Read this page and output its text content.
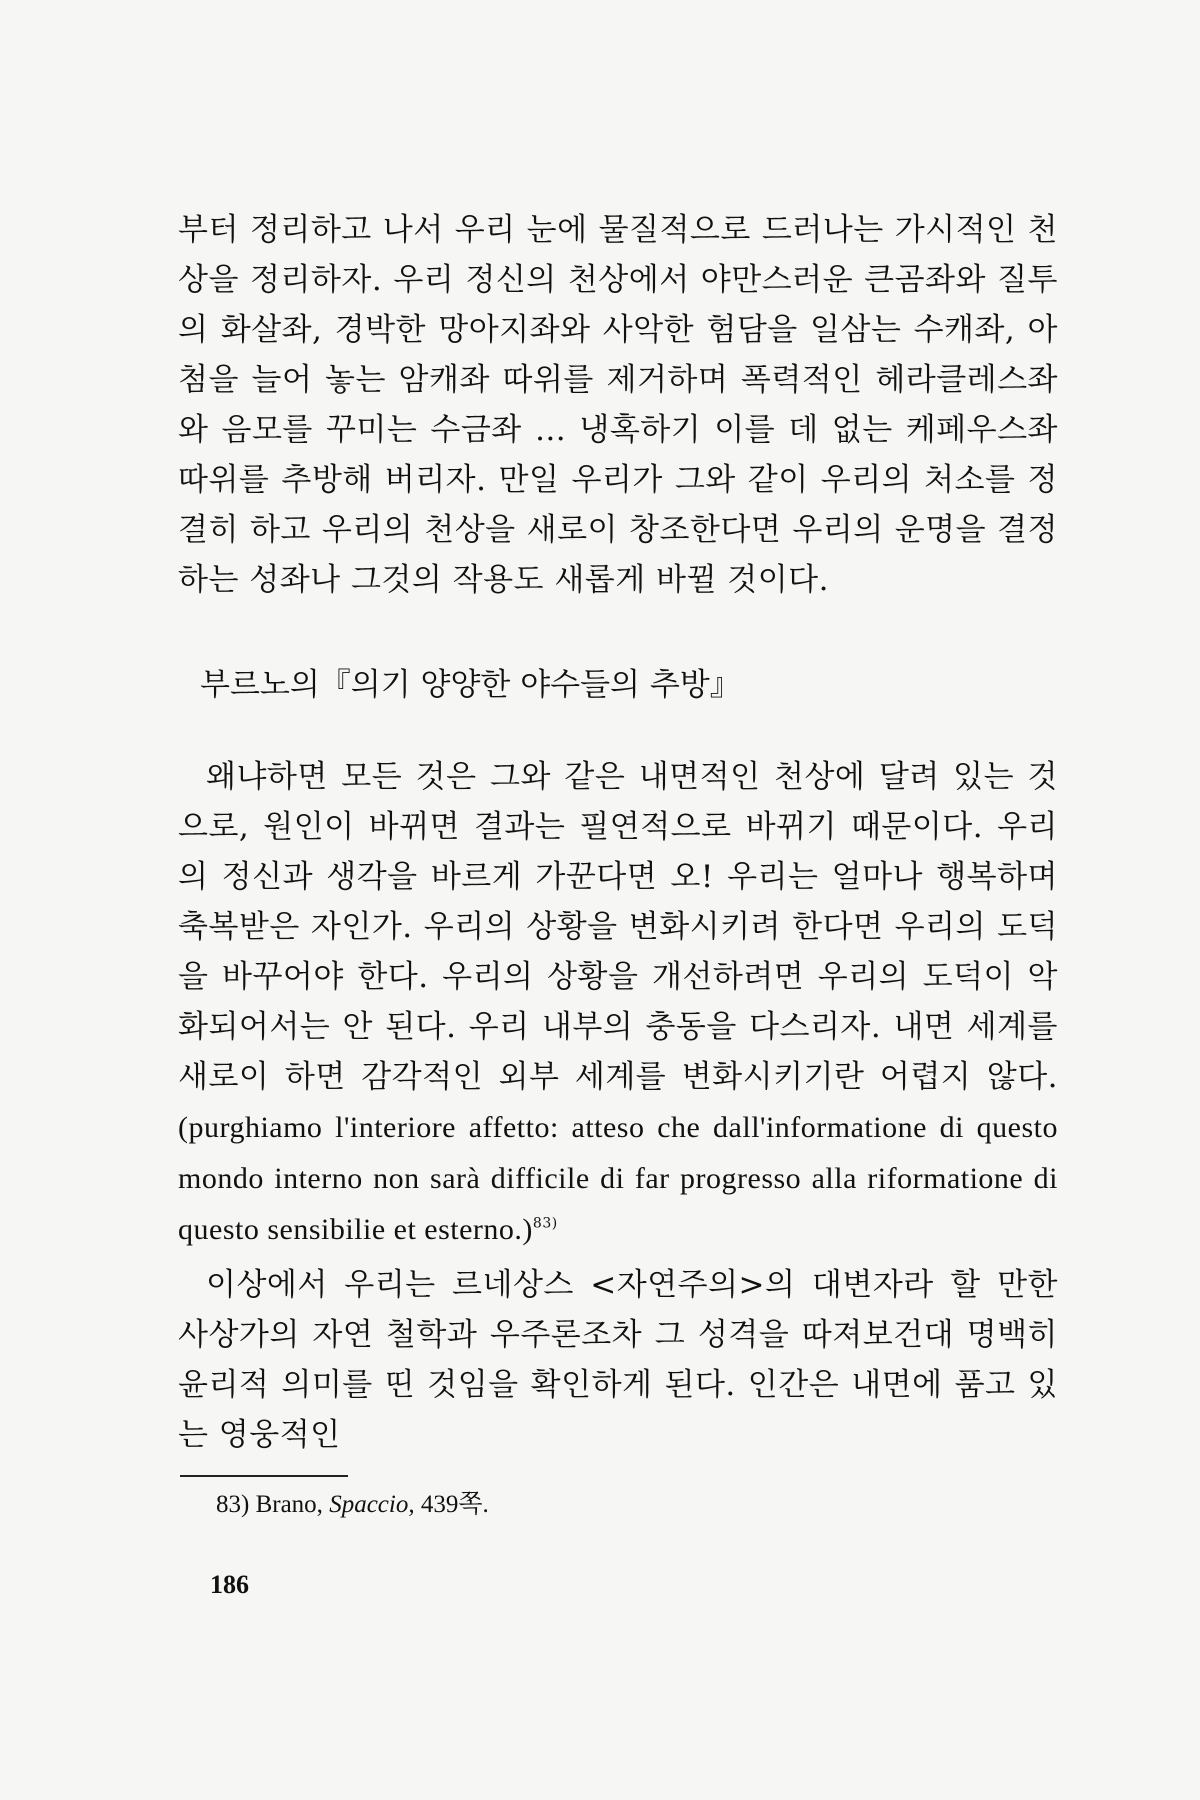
부터 정리하고 나서 우리 눈에 물질적으로 드러나는 가시적인 천상을 정리하자. 우리 정신의 천상에서 야만스러운 큰곰좌와 질투의 화살좌, 경박한 망아지좌와 사악한 험담을 일삼는 수캐좌, 아첨을 늘어 놓는 암캐좌 따위를 제거하며 폭력적인 헤라클레스좌와 음모를 꾸미는 수금좌 … 냉혹하기 이를 데 없는 케페우스좌 따위를 추방해 버리자. 만일 우리가 그와 같이 우리의 처소를 정결히 하고 우리의 천상을 새로이 창조한다면 우리의 운명을 결정하는 성좌나 그것의 작용도 새롭게 바뀔 것이다.

부르노의『의기 양양한 야수들의 추방』

왜냐하면 모든 것은 그와 같은 내면적인 천상에 달려 있는 것으로, 원인이 바뀌면 결과는 필연적으로 바뀌기 때문이다. 우리의 정신과 생각을 바르게 가꾼다면 오! 우리는 얼마나 행복하며 축복받은 자인가. 우리의 상황을 변화시키려 한다면 우리의 도덕을 바꾸어야 한다. 우리의 상황을 개선하려면 우리의 도덕이 악화되어서는 안 된다. 우리 내부의 충동을 다스리자. 내면 세계를 새로이 하면 감각적인 외부 세계를 변화시키기란 어렵지 않다.(purghiamo l'interiore affetto: atteso che dall'informatione di questo mondo interno non sarà difficile di far progresso alla riformatione di questo sensibilie et esterno.)$^{83)}$

이상에서 우리는 르네상스 <자연주의>의 대변자라 할 만한 사상가의 자연 철학과 우주론조차 그 성격을 따져보건대 명백히 윤리적 의미를 띤 것임을 확인하게 된다. 인간은 내면에 품고 있는 영웅적인

83) Brano, Spaccio, 439쪽.

186
